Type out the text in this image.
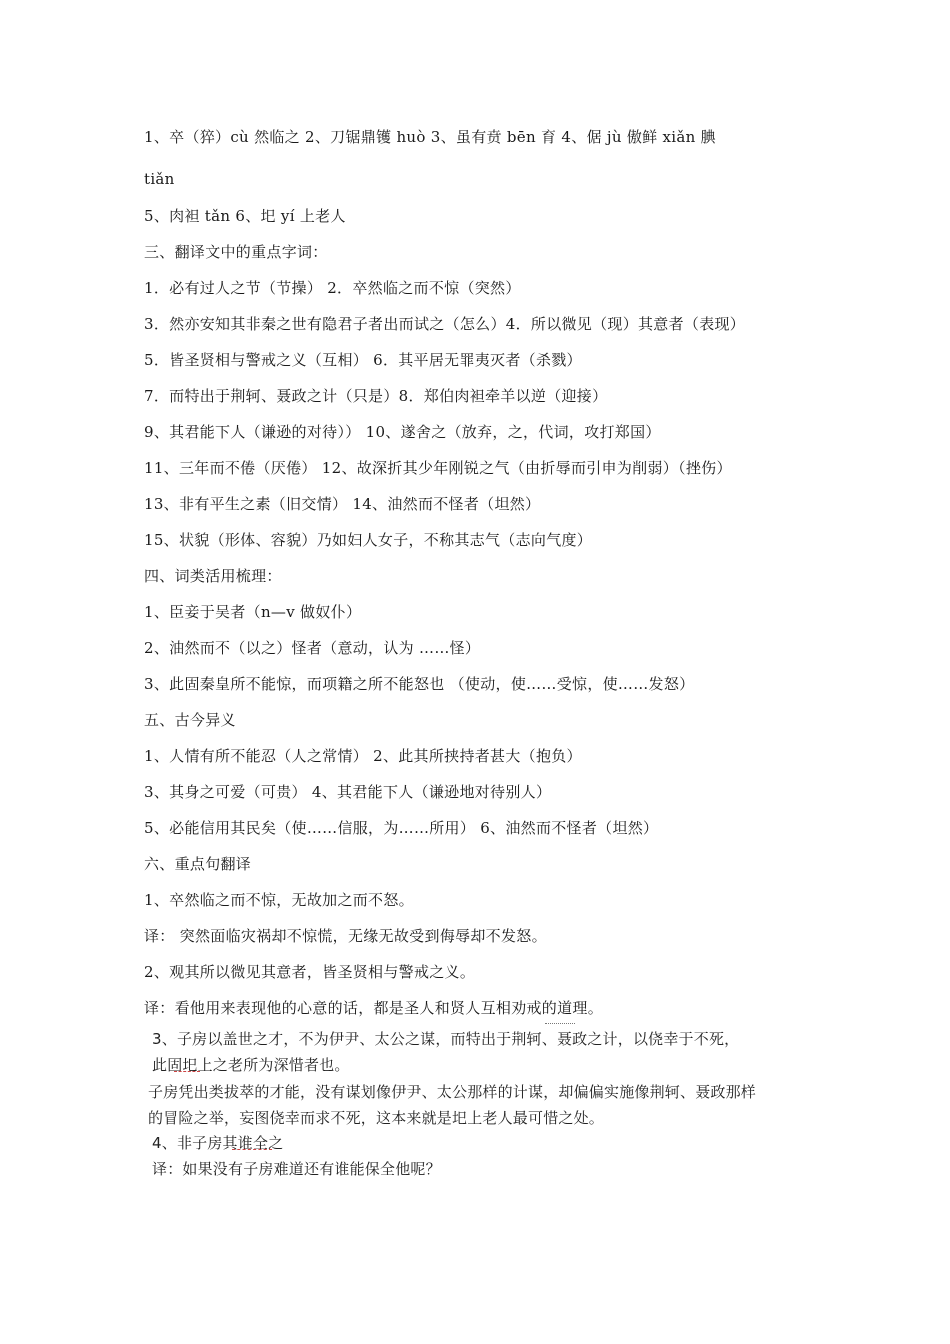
1、卒（猝）cù 然临之 2、刀锯鼎镬 huò 3、虽有贲 bēn 育 4、倨 jù 傲鲜 xiǎn 腆
tiǎn
5、肉袒 tǎn 6、圯 yí 上老人
三、翻译文中的重点字词：
1．必有过人之节（节操） 2．卒然临之而不惊（突然）
3．然亦安知其非秦之世有隐君子者出而试之（怎么）4．所以微见（现）其意者（表现）
5．皆圣贤相与警戒之义（互相） 6．其平居无罪夷灭者（杀戮）
7．而特出于荆轲、聂政之计（只是）8．郑伯肉袒牵羊以逆（迎接）
9、其君能下人（谦逊的对待）） 10、遂舍之（放弃，之，代词，攻打郑国）
11、三年而不倦（厌倦） 12、故深折其少年刚锐之气（由折辱而引申为削弱）（挫伤）
13、非有平生之素（旧交情） 14、油然而不怪者（坦然）
15、状貌（形体、容貌）乃如妇人女子，不称其志气（志向气度）
四、词类活用梳理：
1、臣妾于吴者（n—v 做奴仆）
2、油然而不（以之）怪者（意动，认为 ……怪）
3、此固秦皇所不能惊，而项籍之所不能怒也 （使动，使……受惊，使……发怒）
五、古今异义
1、人情有所不能忍（人之常情） 2、此其所挟持者甚大（抱负）
3、其身之可爱（可贵） 4、其君能下人（谦逊地对待别人）
5、必能信用其民矣（使……信服，为……所用） 6、油然而不怪者（坦然）
六、重点句翻译
1、卒然临之而不惊，无故加之而不怒。
译： 突然面临灾祸却不惊慌，无缘无故受到侮辱却不发怒。
2、观其所以微见其意者，皆圣贤相与警戒之义。
译：看他用来表现他的心意的话，都是圣人和贤人互相劝戒的道理。
3、子房以盖世之才，不为伊尹、太公之谋，而特出于荆轲、聂政之计，以侥幸于不死，
此固圯上之老所为深惜者也。
子房凭出类拔萃的才能，没有谋划像伊尹、太公那样的计谋，却偏偏实施像荆轲、聂政那样
的冒险之举，妄图侥幸而求不死，这本来就是圯上老人最可惜之处。
4、非子房其谁全之
译：如果没有子房难道还有谁能保全他呢？
